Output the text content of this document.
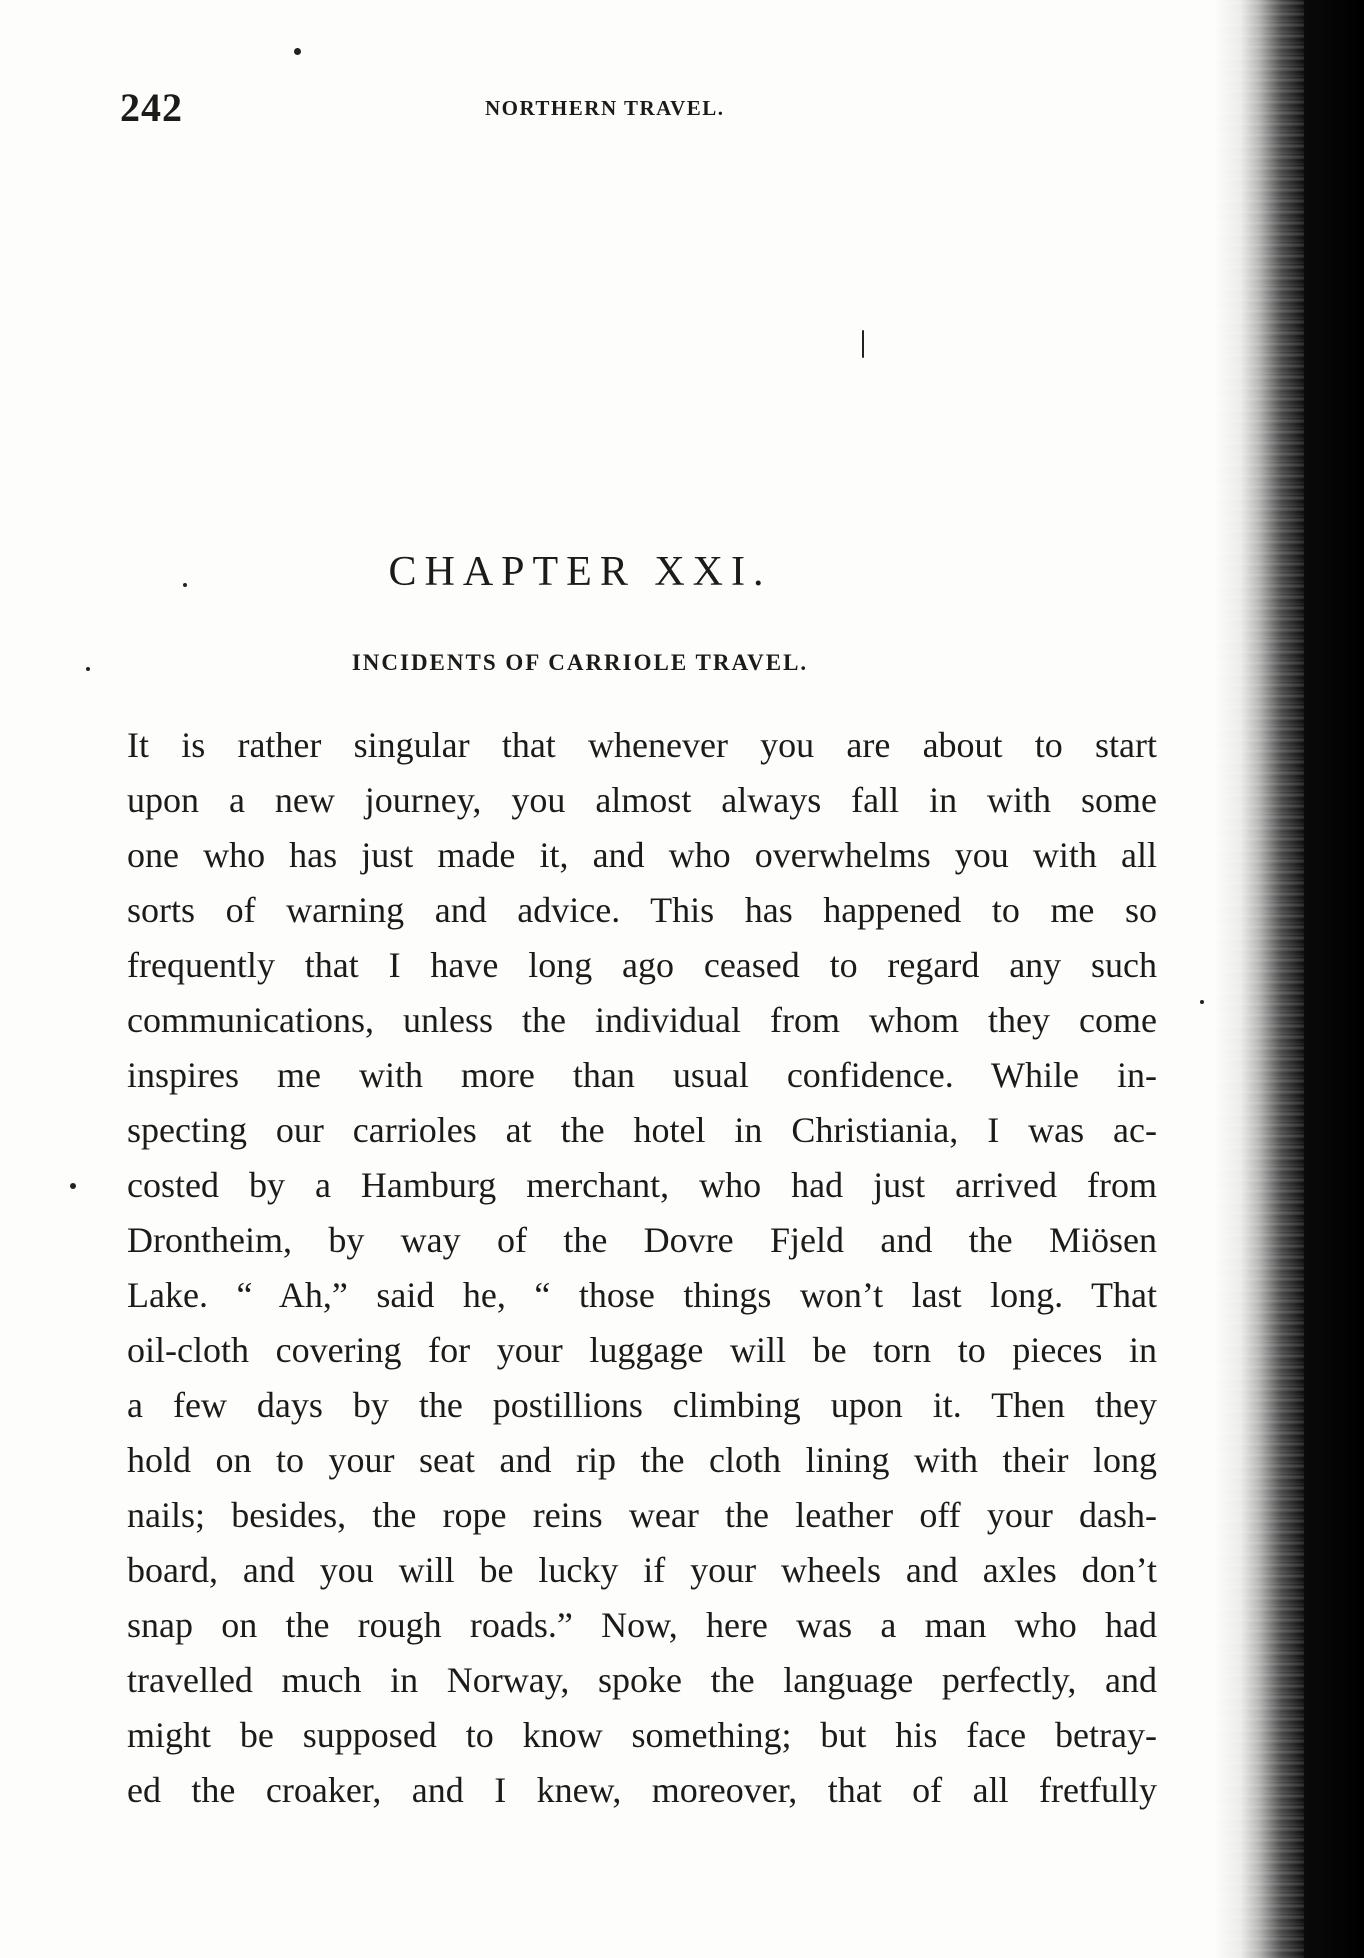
242	NORTHERN TRAVEL.
CHAPTER XXI.
INCIDENTS OF CARRIOLE TRAVEL.
It is rather singular that whenever you are about to start
upon a new journey, you almost always fall in with some
one who has just made it, and who overwhelms you with all
sorts of warning and advice. This has happened to me so
frequently that I have long ago ceased to regard any such
communications, unless the individual from whom they come
inspires me with more than usual confidence. While in-
specting our carrioles at the hotel in Christiania, I was ac-
costed by a Hamburg merchant, who had just arrived from
Drontheim, by way of the Dovre Fjeld and the Miösen
Lake. “ Ah,” said he, “ those things won’t last long. That
oil-cloth covering for your luggage will be torn to pieces in
a few days by the postillions climbing upon it. Then they
hold on to your seat and rip the cloth lining with their long
nails; besides, the rope reins wear the leather off your dash-
board, and you will be lucky if your wheels and axles don’t
snap on the rough roads.” Now, here was a man who had
travelled much in Norway, spoke the language perfectly, and
might be supposed to know something; but his face betray-
ed the croaker, and I knew, moreover, that of all fretfully
